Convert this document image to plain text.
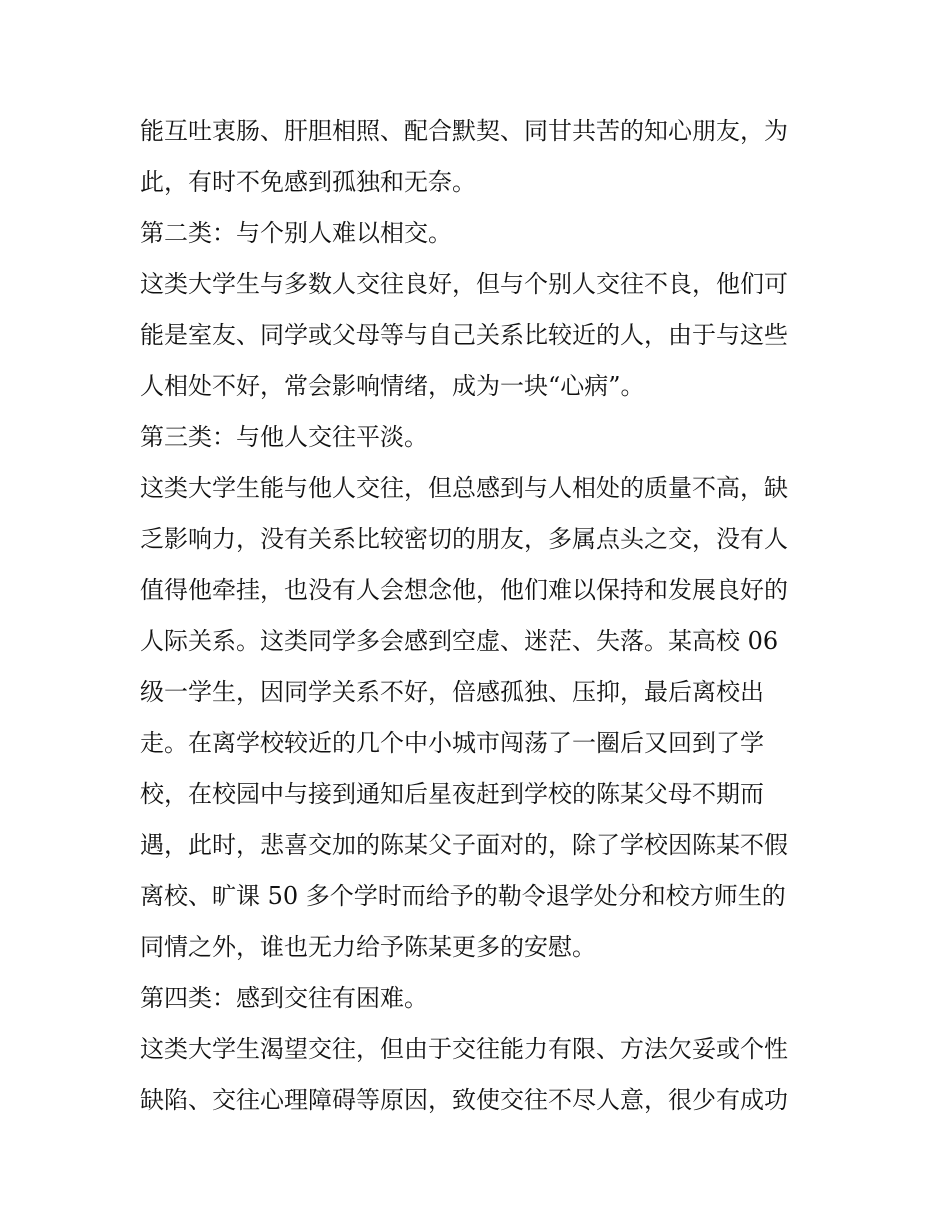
能互吐衷肠、肝胆相照、配合默契、同甘共苦的知心朋友，为

此，有时不免感到孤独和无奈。

第二类：与个别人难以相交。

这类大学生与多数人交往良好，但与个别人交往不良，他们可

能是室友、同学或父母等与自己关系比较近的人，由于与这些

人相处不好，常会影响情绪，成为一块“心病”。

第三类：与他人交往平淡。

这类大学生能与他人交往，但总感到与人相处的质量不高，缺

乏影响力，没有关系比较密切的朋友，多属点头之交，没有人

值得他牵挂，也没有人会想念他，他们难以保持和发展良好的

人际关系。这类同学多会感到空虚、迷茫、失落。某高校 06

级一学生，因同学关系不好，倍感孤独、压抑，最后离校出

走。在离学校较近的几个中小城市闯荡了一圈后又回到了学

校，在校园中与接到通知后星夜赶到学校的陈某父母不期而

遇，此时，悲喜交加的陈某父子面对的，除了学校因陈某不假

离校、旷课 50 多个学时而给予的勒令退学处分和校方师生的

同情之外，谁也无力给予陈某更多的安慰。

第四类：感到交往有困难。

这类大学生渴望交往，但由于交往能力有限、方法欠妥或个性

缺陷、交往心理障碍等原因，致使交往不尽人意，很少有成功
